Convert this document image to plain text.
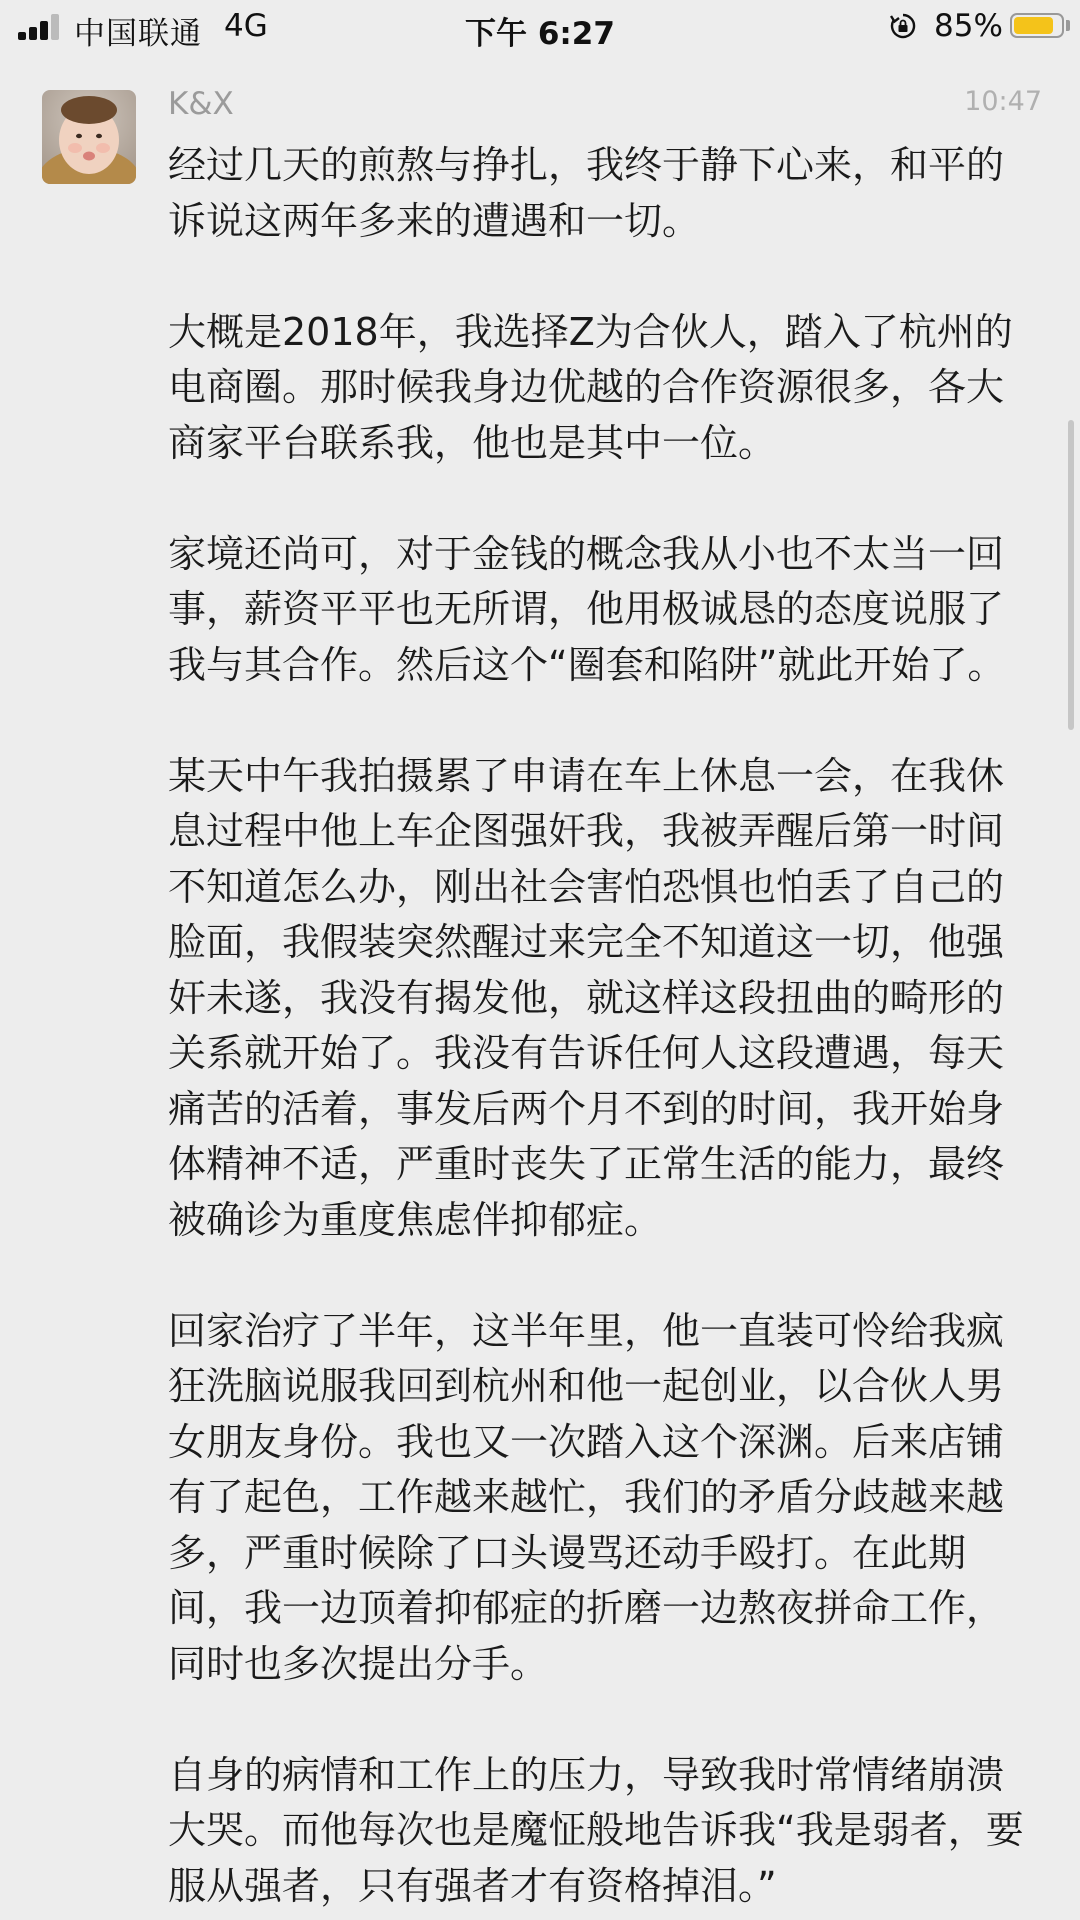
中国联通 4G	下午 6:27	85%
K&X	10:47

经过几天的煎熬与挣扎，我终于静下心来，和平的诉说这两年多来的遭遇和一切。

大概是2018年，我选择Z为合伙人，踏入了杭州的电商圈。那时候我身边优越的合作资源很多，各大商家平台联系我，他也是其中一位。

家境还尚可，对于金钱的概念我从小也不太当一回事，薪资平平也无所谓，他用极诚恳的态度说服了我与其合作。然后这个“圈套和陷阱”就此开始了。

某天中午我拍摄累了申请在车上休息一会，在我休息过程中他上车企图强奸我，我被弄醒后第一时间不知道怎么办，刚出社会害怕恐惧也怕丢了自己的脸面，我假装突然醒过来完全不知道这一切，他强奸未遂，我没有揭发他，就这样这段扭曲的畸形的关系就开始了。我没有告诉任何人这段遭遇，每天痛苦的活着，事发后两个月不到的时间，我开始身体精神不适，严重时丧失了正常生活的能力，最终被确诊为重度焦虑伴抑郁症。

回家治疗了半年，这半年里，他一直装可怜给我疯狂洗脑说服我回到杭州和他一起创业，以合伙人男女朋友身份。我也又一次踏入这个深渊。后来店铺有了起色，工作越来越忙，我们的矛盾分歧越来越多，严重时候除了口头谩骂还动手殴打。在此期间，我一边顶着抑郁症的折磨一边熬夜拼命工作，同时也多次提出分手。

自身的病情和工作上的压力，导致我时常情绪崩溃大哭。而他每次也是魔怔般地告诉我“我是弱者，要服从强者，只有强者才有资格掉泪。”
